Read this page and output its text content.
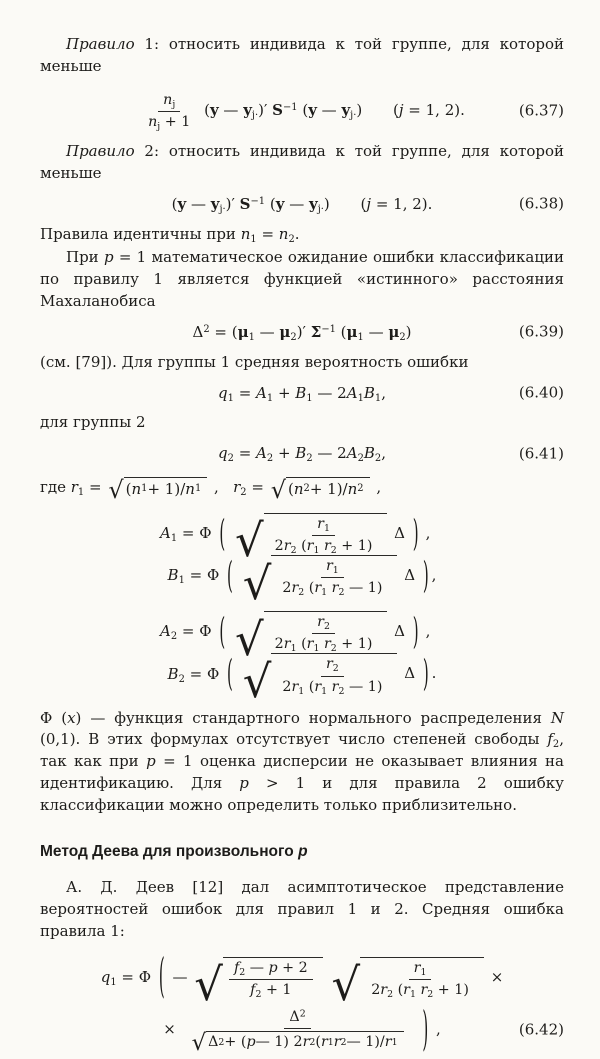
Правило 1: относить индивида к той группе, для которой меньше

$\frac{n_j}{n_j + 1} (y$ — $y_{j\cdot})'$ $S^{-1}$ (y — $y_{j\cdot}$) (j = 1, 2).	(6.37)

Правило 2: относить индивида к той группе, для которой меньше

(y — $y_{j\cdot})'$ $S^{-1}$ (y — $y_{j\cdot}$) (j = 1, 2).	(6.38)

Правила идентичны при $n_1 = n_2$.

При p = 1 математическое ожидание ошибки классификации по правилу 1 является функцией «истинного» расстояния Махаланобиса

$\Delta^2 = (\mu_1$ — $\mu_2)'$ $\Sigma^{-1}$ ($\mu_1$ — $\mu_2$)	(6.39)

(см. [79]). Для группы 1 средняя вероятность ошибки

$q_1 = A_1 + B_1$ — $2A_1B_1$,	(6.40)

для группы 2

$q_2 = A_2 + B_2$ — $2A_2B_2$,	(6.41)
где $r_1$ = √ ( n 1 + 1)/ n 1 ,   $r_2$ = √ ( n 2 + 1)/ n 2 ,
$A_1 = \Phi$ ( √ $\frac{r_1}{2r_2 (r_1 r_2 + 1)}$ Δ ) ,  $B_1 = \Phi$ ( √ $\frac{r_1}{2r_2 (r_1 r_2 — 1)}$ Δ ) ,
$A_2 = \Phi$ ( √ $\frac{r_2}{2r_1 (r_1 r_2 + 1)}$ Δ ) ,  $B_2 = \Phi$ ( √ $\frac{r_2}{2r_1 (r_1 r_2 — 1)}$ Δ ) .

Φ (x) — функция стандартного нормального распределения N (0,1). В этих формулах отсутствует число степеней свободы $f_2$, так как при p = 1 оценка дисперсии не оказывает влияния на идентификацию. Для p > 1 и для правила 2 ошибку классификации можно определить только приблизительно.

Метод Деева для произвольного p

А. Д. Деев [12] дал асимптотическое представление вероятностей ошибок для правил 1 и 2. Средняя ошибка правила 1:

$q_1 = \Phi$ ( — √ $\frac{f_2 — p + 2}{f_2 + 1}$
√ $\frac{r_1}{2r_2 (r_1 r_2 + 1)}$ ×
× $\frac{\Delta^2}{√ \Delta 2 + ( p — 1) 2 r 2 ( r 1 r 2 — 1)/ r 1}$ ) ,	(6.42)
